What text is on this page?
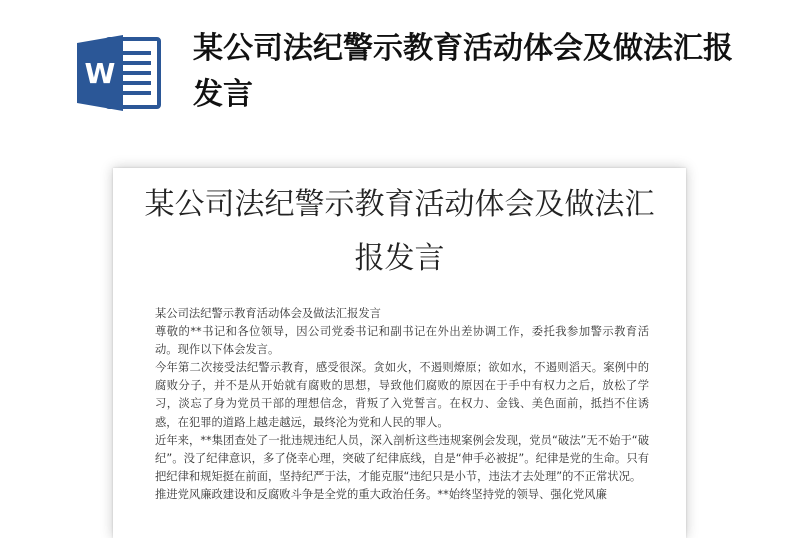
W
某公司法纪警示教育活动体会及做法汇报发言
某公司法纪警示教育活动体会及做法汇报发言

某公司法纪警示教育活动体会及做法汇报发言

尊敬的**书记和各位领导，因公司党委书记和副书记在外出差协调工作，委托我参加警示教育活动。现作以下体会发言。

今年第二次接受法纪警示教育，感受很深。贪如火，不遏则燎原；欲如水，不遏则滔天。案例中的腐败分子，并不是从开始就有腐败的思想，导致他们腐败的原因在于手中有权力之后，放松了学习，淡忘了身为党员干部的理想信念，背叛了入党誓言。在权力、金钱、美色面前，抵挡不住诱惑，在犯罪的道路上越走越远，最终沦为党和人民的罪人。

近年来，**集团查处了一批违规违纪人员，深入剖析这些违规案例会发现，党员“破法”无不始于“破纪”。没了纪律意识，多了侥幸心理，突破了纪律底线，自是“伸手必被捉”。纪律是党的生命。只有把纪律和规矩挺在前面，坚持纪严于法，才能克服“违纪只是小节，违法才去处理”的不正常状况。

推进党风廉政建设和反腐败斗争是全党的重大政治任务。**始终坚持党的领导、强化党风廉
